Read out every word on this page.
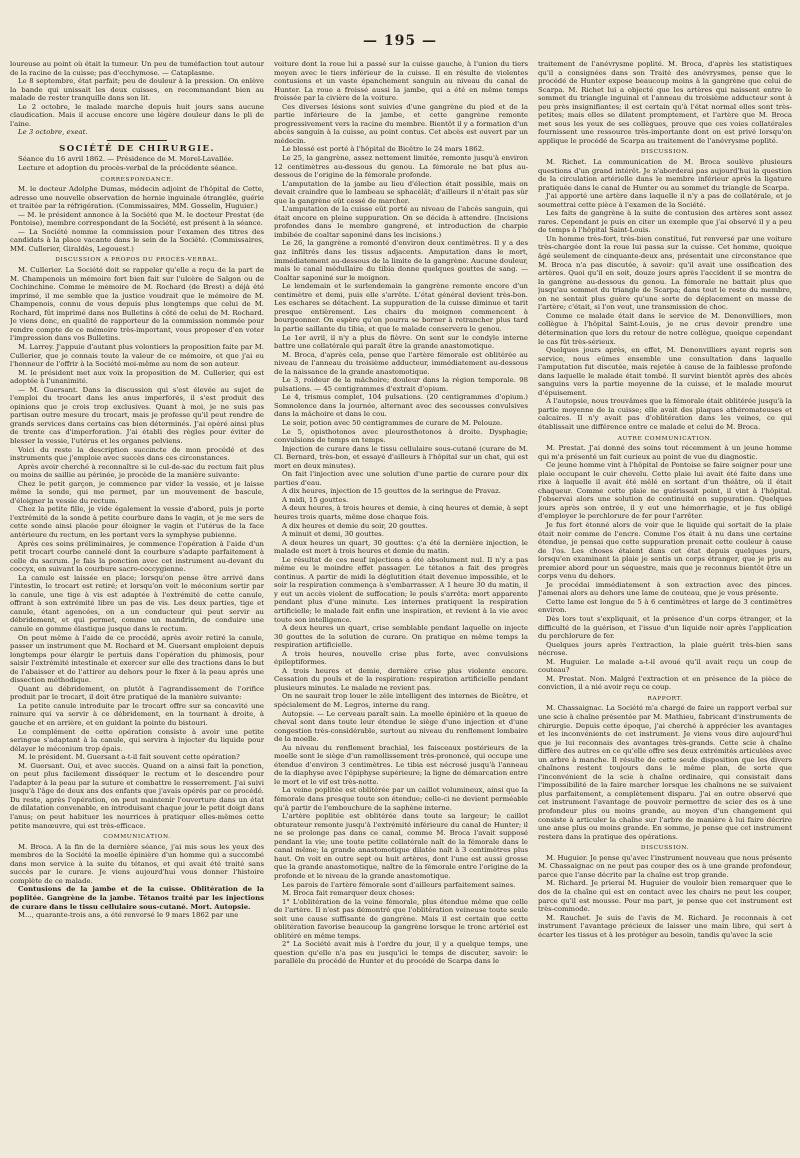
— 195 —

loureuse au point où était la tumeur. Un peu de tuméfaction tout autour de la racine de la cuisse; pas d'ecchymose. — Cataplasme.

Le 8 septembre, état parfait; peu de douleur à la pression. On enlève la bande qui unissait les deux cuisses, en recommandant bien au malade de rester tranquille dans son lit.

Le 2 octobre, le malade marche depuis huit jours sans aucune claudication. Mais il accuse encore une légère douleur dans le pli de l'aine.

Le 3 octobre, exeat.

SOCIÉTÉ DE CHIRURGIE.

Séance du 16 avril 1862. — Présidence de M. Morel-Lavallée.

Lecture et adoption du procès-verbal de la précédente séance.

CORRESPONDANCE.

M. le docteur Adolphe Dumas, médecin adjoint de l'hôpital de Cette, adresse une nouvelle observation de hernie inguinale étranglée, guérie et traitée par la réfrigération. (Commissaires, MM. Gosselin, Huguier.)

— M. le président annonce à la Société que M. le docteur Prestat (de Pontoise), membre correspondant de la Société, est présent à la séance.

— La Société nomme la commission pour l'examen des titres des candidats à la place vacante dans le sein de la Société. (Commissaires, MM. Cullerier, Giraldès, Legouest.)

DISCUSSION A PROPOS DU PROCÈS-VERBAL.

M. Cullerier. La Société doit se rappeler qu'elle a reçu de la part de M. Champenois un mémoire fort bien fait sur l'ulcère de Saïgon ou de Cochinchine. Comme le mémoire de M. Rochard (de Brest) a déjà été imprimé, il me semble que la justice voudrait que le mémoire de M. Champenois, connu de vous depuis plus longtemps que celui de M. Rochard, fût imprimé dans nos Bulletins à côté de celui de M. Rochard. Je viens donc, en qualité de rapporteur de la commission nommée pour rendre compte de ce mémoire très-important, vous proposer d'en voter l'impression dans vos Bulletins.

M. Larrey. J'appuie d'autant plus volontiers la proposition faite par M. Cullerier, que je connais toute la valeur de ce mémoire, et que j'ai eu l'honneur de l'offrir à la Société moi-même au nom de son auteur.

M. le président met aux voix la proposition de M. Cullerier, qui est adoptée à l'unanimité.

— M. Guersant. Dans la discussion qui s'est élevée au sujet de l'emploi du trocart dans les anus imperforés, il s'est produit des opinions que je crois trop exclusives. Quant à moi, je ne suis pas partisan outre mesure du trocart, mais je professe qu'il peut rendre de grands services dans certains cas bien déterminés. J'ai opéré ainsi plus de trente cas d'imperforation. J'ai établi des règles pour éviter de blesser la vessie, l'utérus et les organes pelviens.

Voici du reste la description succincte de mon procédé et des instruments que j'emploie avec succès dans ces circonstances.

Après avoir cherché à reconnaître si le cul-de-sac du rectum fait plus ou moins de saillie au périnée, je procède de la manière suivante:

Chez le petit garçon, je commence par vider la vessie, et je laisse même la sonde, qui me permet, par un mouvement de bascule, d'éloigner la vessie du rectum.

Chez la petite fille, je vide également la vessie d'abord, puis je porte l'extrémité de la sonde à petite courbure dans le vagin, et je me sers de cette sonde ainsi placée pour éloigner le vagin et l'utérus de la face antérieure du rectum, en les portant vers la symphyse pubienne.

Après ces soins préliminaires, je commence l'opération à l'aide d'un petit trocart courbe cannelé dont la courbure s'adapte parfaitement à celle du sacrum. Je fais la ponction avec cet instrument au-devant du coccyx, en suivant la courbure sacro-coccygienne.

La canule est laissée en place; lorsqu'on pense être arrivé dans l'intestin, le trocart est retiré; et lorsqu'on voit le méconium sortir par la canule, une tige à vis est adaptée à l'extrémité de cette canule, offrant à son extrémité libre un pas de vis. Les deux parties, tige et canule, étant agencées, on a un conducteur qui peut servir au débridement, et qui permet, comme un mandrin, de conduire une canule en gomme élastique jusque dans le rectum.

On peut même à l'aide de ce procédé, après avoir retiré la canule, passer un instrument que M. Rochard et M. Guersant emploient depuis longtemps pour élargir le pertuis dans l'opération du phimosis, pour saisir l'extrémité intestinale et exercer sur elle des tractions dans le but de l'abaisser et de l'attirer au dehors pour le fixer à la peau après une dissection méthodique.

Quant au débridement, on plutôt à l'agrandissement de l'orifice produit par le trocart, il doit être pratiqué de la manière suivante:

La petite canule introduite par le trocart offre sur sa concavité une rainure qui va servir à ce débridement, en la tournant à droite, à gauche et en arrière, et en guidant la pointe du bistouri.

Le complément de cette opération consiste à avoir une petite seringue s'adaptant à la canule, qui servira à injecter du liquide pour délayer le méconium trop épais.

M. le président. M. Guersant a-t-il fait souvent cette opération?

M. Guersant. Oui, et avec succès. Quand on a ainsi fait la ponction, on peut plus facilement disséquer le rectum et le descendre pour l'adapter à la peau par la suture et combattre le resserrement. J'ai suivi jusqu'à l'âge de deux ans des enfants que j'avais opérés par ce procédé. Du reste, après l'opération, on peut maintenir l'ouverture dans un état de dilatation convenable, en introduisant chaque jour le petit doigt dans l'anus; on peut habituer les nourrices à pratiquer elles-mêmes cette petite manœuvre, qui est très-efficace.

COMMUNICATION.

M. Broca. A la fin de la dernière séance, j'ai mis sous les yeux des membres de la Société la moelle épinière d'un homme qui a succombé dans mon service à la suite du tétanos, et qui avait été traité sans succès par le curare. Je viens aujourd'hui vous donner l'histoire complète de ce malade.

Contusions de la jambe et de la cuisse. Oblitération de la poplitée. Gangrène de la jambe. Tétanos traité par les injections de curare dans le tissu cellulaire sous-cutané. Mort. Autopsie.

M..., quarante-trois ans, a été renversé le 9 mars 1862 par une

voiture dont la roue lui a passé sur la cuisse gauche, à l'union du tiers moyen avec le tiers inférieur de la cuisse. Il en résulte de violentes contusions et un vaste épanchement sanguin au niveau du canal de Hunter. La roue a froissé aussi la jambe, qui a été en même temps froissée par la civière de la voiture.

Ces diverses lésions sont suivies d'une gangrène du pied et de la partie inférieure de la jambe, et cette gangrène remonte progressivement vers la racine du membre. Bientôt il y a formation d'un abcès sanguin à la cuisse, au point contus. Cet abcès est ouvert par un médecin.

Le blessé est porté à l'hôpital de Bicêtre le 24 mars 1862.

Le 25, la gangrène, assez nettement limitée, remonte jusqu'à environ 12 centimètres au-dessous du genou. La fémorale ne bat plus au-dessous de l'origine de la fémorale profonde.

L'amputation de la jambe au lieu d'élection était possible, mais on devait craindre que le lambeau se sphacélât; d'ailleurs il n'était pas sûr que la gangrène eût cessé de marcher.

L'amputation de la cuisse eût porté au niveau de l'abcès sanguin, qui était encore en pleine suppuration. On se décida à attendre. (Incisions profondes dans le membre gangrené, et introduction de charpie imbibée de coaltar saponiné dans les incisions.)

Le 26, la gangrène a remonté d'environ deux centimètres. Il y a des gaz infiltrés dans les tissus adjacents. Amputation dans le mort, immédiatement au-dessous de la limite de la gangrène. Aucune douleur, mais le canal médullaire du tibia donne quelques gouttes de sang. — Coaltar saponiné sur le moignon.

Le lendemain et le surlendemain la gangrène remonte encore d'un centimètre et demi, puis elle s'arrête. L'état général devient très-bon. Les eschares se détachent. La suppuration de la cuisse diminue et tarit presque entièrement. Les chairs du moignon commencent à bourgeonner. On espère qu'on pourra se borner à retrancher plus tard la partie saillante du tibia, et que le malade conservera le genou.

Le 1er avril, il n'y a plus de fièvre. On sent sur le condyle interne battre une collatérale qui paraît être la grande anastomotique.

M. Broca, d'après cela, pense que l'artère fémorale est oblitérée au niveau de l'anneau du troisième adducteur, immédiatement au-dessous de la naissance de la grande anastomotique.

Le 3, roideur de la mâchoire; douleur dans la région temporale. 98 pulsations. — 45 centigrammes d'extrait d'opium.

Le 4, trismus complet, 104 pulsations. (20 centigrammes d'opium.) Somnolence dans la journée, alternant avec des secousses convulsives dans la mâchoire et dans le cou.

Le soir, potion avec 50 centigrammes de curare de M. Pelouze.

Le 5, opisthotonos avec pleurosthotonos à droite. Dysphagie; convulsions de temps en temps.

Injection de curare dans le tissu cellulaire sous-cutané (curare de M. Cl. Bernard, très-bon, et essayé d'ailleurs à l'hôpital sur un chat, qui est mort en deux minutes).

On fait l'injection avec une solution d'une partie de curare pour dix parties d'eau.

A dix heures, injection de 15 gouttes de la seringue de Pravaz.

A midi, 15 gouttes.

A deux heures, à trois heures et demie, à cinq heures et demie, à sept heures trois quarts, même dose chaque fois.

A dix heures et demie du soir, 20 gouttes.

A minuit et demi, 30 gouttes.

A deux heures un quart, 30 gouttes: ç'a été la dernière injection, le malade est mort à trois heures et demie du matin.

Le résultat de ces neuf injections a été absolument nul. Il n'y a pas même eu le moindre effet passager. Le tétanos a fait des progrès continus. A partir de midi la déglutition était devenue impossible, et le soir la respiration commença à s'embarrasser. A 1 heure 30 du matin, il y eut un accès violent de suffocation; le pouls s'arrêta: mort apparente pendant plus d'une minute. Les internes pratiquent la respiration artificielle; le malade fait enfin une inspiration, et revient à la vie avec toute son intelligence.

A deux heures un quart, crise semblable pendant laquelle on injecte 30 gouttes de la solution de curare. On pratique en même temps la respiration artificielle.

A trois heures, nouvelle crise plus forte, avec convulsions épileptiformes.

A trois heures et demie, dernière crise plus violente encore. Cessation du pouls et de la respiration: respiration artificielle pendant plusieurs minutes. Le malade ne revient pas.

On ne saurait trop louer le zèle intelligent des internes de Bicêtre, et spécialement de M. Legros, interne du rang.

Autopsie. — Le cerveau paraît sain. La moelle épinière et la queue de cheval sont dans toute leur étendue le siège d'une injection et d'une congestion très-considérable, surtout au niveau du renflement lombaire de la moelle.

Au niveau du renflement brachial, les faisceaux postérieurs de la moelle sont le siège d'un ramollissement très-prononcé, qui occupe une étendue d'environ 3 centimètres. Le tibia est nécrosé jusqu'à l'anneau de la diaphyse avec l'épiphyse supérieure; la ligne de démarcation entre le mort et le vif est très-nette.

La veine poplitée est oblitérée par un caillot volumineux, ainsi que la fémorale dans presque toute son étendue; celle-ci ne devient perméable qu'à partir de l'embouchure de la saphène interne.

L'artère poplitée est oblitérée dans toute sa largeur; le caillot obturateur remonte jusqu'à l'extrémité inférieure du canal de Hunter; il ne se prolonge pas dans ce canal, comme M. Broca l'avait supposé pendant la vie; une toute petite collatérale naît de la fémorale dans le canal même; la grande anastomotique dilatée naît à 3 centimètres plus haut. On voit en outre sept ou huit artères, dont l'une est aussi grosse que la grande anastomotique, naître de la fémorale entre l'origine de la profonde et le niveau de la grande anastomotique.

Les parois de l'artère fémorale sont d'ailleurs parfaitement saines.

M. Broca fait remarquer deux choses:

1° L'oblitération de la veine fémorale, plus étendue même que celle de l'artère. Il n'est pas démontré que l'oblitération veineuse toute seule soit une cause suffisante de gangrène. Mais il est certain que cette oblitération favorise beaucoup la gangrène lorsque le tronc artériel est oblitéré en même temps.

2° La Société avait mis à l'ordre du jour, il y a quelque temps, une question qu'elle n'a pas eu jusqu'ici le temps de discuter, savoir: le parallèle du procédé de Hunter et du procédé de Scarpa dans le

traitement de l'anévrysme poplité. M. Broca, d'après les statistiques qu'il a consignées dans son Traité des anévrysmes, pense que le procédé de Hunter expose beaucoup moins à la gangrène que celui de Scarpa. M. Richet lui a objecté que les artères qui naissent entre le sommet du triangle inguinal et l'anneau du troisième adducteur sont à peu près insignifiantes; il est certain qu'à l'état normal elles sont très-petites; mais elles se dilatent promptement, et l'artère que M. Broca met sous les yeux de ses collègues, prouve que ces voies collatérales fournissent une ressource très-importante dont on est privé lorsqu'on applique le procédé de Scarpa au traitement de l'anévrysme poplité.

DISCUSSION.

M. Richet. La communication de M. Broca soulève plusieurs questions d'un grand intérêt. Je n'aborderai pas aujourd'hui la question de la circulation artérielle dans le membre inférieur après la ligature pratiquée dans le canal de Hunter ou au sommet du triangle de Scarpa.

J'ai apporté une artère dans laquelle il n'y a pas de collatérale, et je soumettrai cette pièce à l'examen de la Société.

Les faits de gangrène à la suite de contusion des artères sont assez rares. Cependant je puis en citer un exemple que j'ai observé il y a peu de temps à l'hôpital Saint-Louis.

Un homme très-fort, très-bien constitué, fut renversé par une voiture très-chargée dont la roue lui passa sur la cuisse. Cet homme, quoique âgé seulement de cinquante-deux ans, présentait une circonstance que M. Broca n'a pas discutée, à savoir: qu'il avait une ossification des artères. Quoi qu'il en soit, douze jours après l'accident il se montra de la gangrène au-dessous du genou. La fémorale ne battait plus que jusqu'au sommet du triangle de Scarpa; dans tout le reste du membre, on ne sentait plus guère qu'une sorte de déplacement en masse de l'artère; c'était, si l'on veut, une transmission de choc.

Comme ce malade était dans le service de M. Denonvilliers, mon collègue à l'hôpital Saint-Louis, je ne crus devoir prendre une détermination que lors du retour de notre collègue, quoique cependant le cas fût très-sérieux.

Quelques jours après, en effet, M. Denonvilliers ayant repris son service, nous eûmes ensemble une consultation dans laquelle l'amputation fut discutée, mais rejetée à cause de la faiblesse profonde dans laquelle le malade était tombé. Il survint bientôt après des abcès sanguins vers la partie moyenne de la cuisse, et le malade mourut d'épuisement.

A l'autopsie, nous trouvâmes que la fémorale était oblitérée jusqu'à la partie moyenne de la cuisse; elle avait des plaques athéromateuses et calcaires. Il n'y avait pas d'oblitération dans les veines, ce qui établissait une différence entre ce malade et celui de M. Broca.

AUTRE COMMUNICATION.

M. Prestat. J'ai donné des soins tout récemment à un jeune homme qui m'a présenté un fait curieux au point de vue du diagnostic.

Ce jeune homme vint à l'hôpital de Pontoise se faire soigner pour une plaie occupant le cuir chevelu. Cette plaie lui avait été faite dans une rixe à laquelle il avait été mêlé en sortant d'un théâtre, où il était chaqueur. Comme cette plaie ne guérissait point, il vint à l'hôpital. J'observai alors une solution de continuité en suppuration. Quelques jours après son entrée, il y eut une hémorrhagie, et je fus obligé d'employer le perchlorure de fer pour l'arrêter.

Je fus fort étonné alors de voir que le liquide qui sortait de la plaie était noir comme de l'encre. Comme l'os était à nu dans une certaine étendue, je pensai que cette suppuration prenait cette couleur à cause de l'os. Les choses étaient dans cet état depuis quelques jours, lorsqu'en examinant la plaie je sentis un corps étranger, que je pris au premier abord pour un séquestre, mais que je reconnus bientôt être un corps venu du dehors.

Je procédai immédiatement à son extraction avec des pinces. J'amenai alors au dehors une lame de couteau, que je vous présente.

Cette lame est longue de 5 à 6 centimètres et large de 3 centimètres environ.

Dès lors tout s'expliquait, et la présence d'un corps étranger, et la difficulté de la guérison, et l'issue d'un liquide noir après l'application du perchlorure de fer.

Quelques jours après l'extraction, la plaie guérit très-bien sans nécrose.

M. Huguier. Le malade a-t-il avoué qu'il avait reçu un coup de couteau?

M. Prestat. Non. Malgré l'extraction et en présence de la pièce de conviction, il a nié avoir reçu ce coup.

RAPPORT.

M. Chassaignac. La Société m'a chargé de faire un rapport verbal sur une scie à chaîne présentée par M. Mathieu, fabricant d'instruments de chirurgie. Depuis cette époque, j'ai cherché à apprécier les avantages et les inconvénients de cet instrument. Je viens vous dire aujourd'hui que je lui reconnais des avantages très-grands. Cette scie à chaîne diffère des autres en ce qu'elle offre ses deux extrémités articulées avec un arbre à manche. Il résulte de cette seule disposition que les divers chaînons restent toujours dans le même plan, de sorte que l'inconvénient de la scie à chaîne ordinaire, qui consistait dans l'impossibilité de la faire marcher lorsque les chaînons ne se suivaient plus parfaitement, a complètement disparu. J'ai en outre observé que cet instrument l'avantage de pouvoir permettre de scier des os à une profondeur plus ou moins grande, au moyen d'un changement qui consiste à articuler la chaîne sur l'arbre de manière à lui faire décrire une anse plus ou moins grande. En somme, je pense que cet instrument restera dans la pratique des opérations.

DISCUSSION.

M. Huguier. Je pense qu'avec l'instrument nouveau que nous présente M. Chassaignac on ne peut pas couper des os à une grande profondeur, parce que l'anse décrite par la chaîne est trop grande.

M. Richard. Je prierai M. Huguier de vouloir bien remarquer que le dos de la chaîne qui est en contact avec les chairs ne peut les couper, parce qu'il est mousse. Pour ma part, je pense que cet instrument est très-commode.

M. Rauchet. Je suis de l'avis de M. Richard. Je reconnais à cet instrument l'avantage précieux de laisser une main libre, qui sert à écarter les tissus et à les protéger au besoin, tandis qu'avec la scie
